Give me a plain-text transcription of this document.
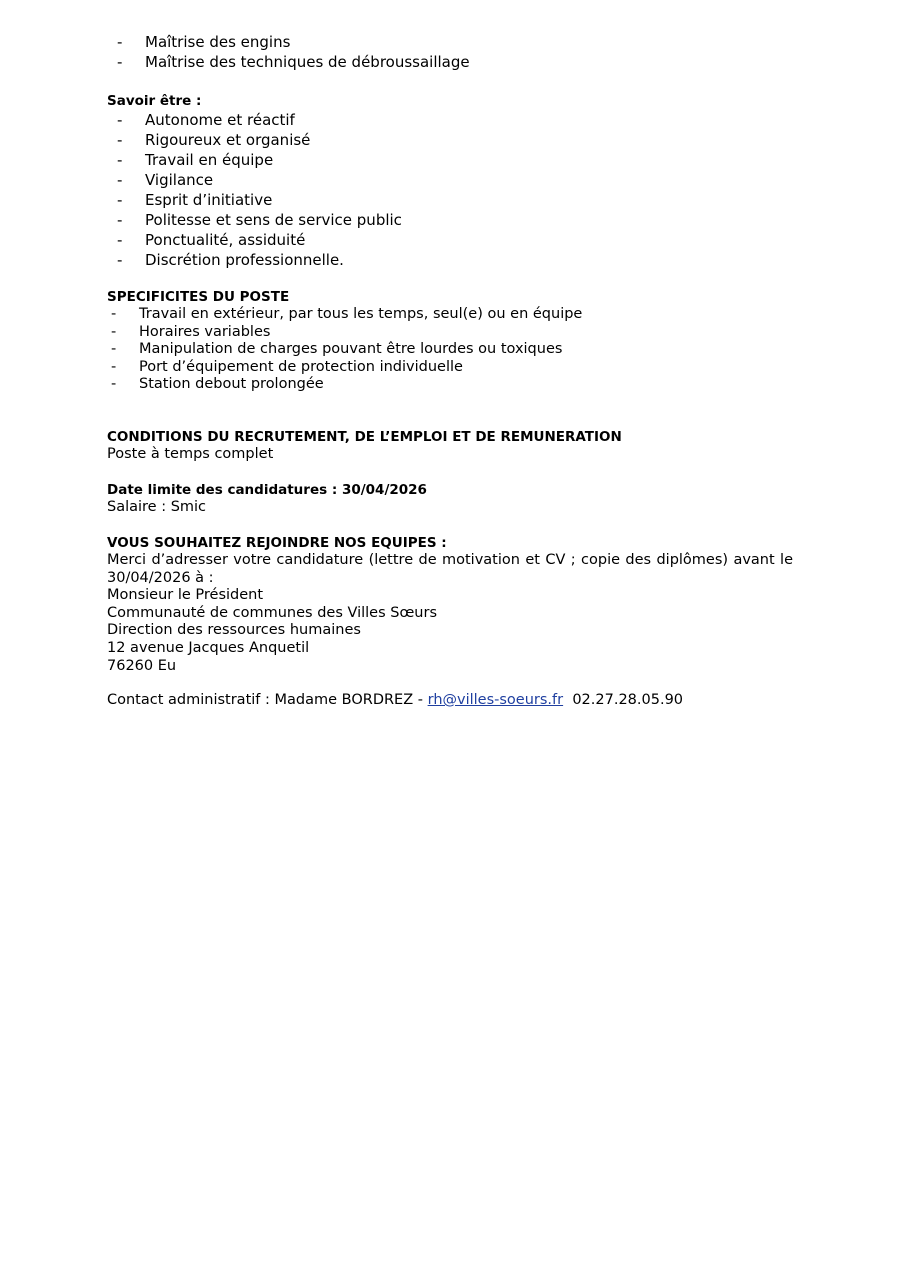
- Maîtrise des engins
- Maîtrise des techniques de débroussaillage
Savoir être :
- Autonome et réactif
- Rigoureux et organisé
- Travail en équipe
- Vigilance
- Esprit d’initiative
- Politesse et sens de service public
- Ponctualité, assiduité
- Discrétion professionnelle.
SPECIFICITES DU POSTE
- Travail en extérieur, par tous les temps, seul(e) ou en équipe
- Horaires variables
- Manipulation de charges pouvant être lourdes ou toxiques
- Port d’équipement de protection individuelle
- Station debout prolongée
CONDITIONS DU RECRUTEMENT, DE L’EMPLOI ET DE REMUNERATION
Poste à temps complet
Date limite des candidatures : 30/04/2026
Salaire : Smic
VOUS SOUHAITEZ REJOINDRE NOS EQUIPES :
Merci d’adresser votre candidature (lettre de motivation et CV ; copie des diplômes) avant le 30/04/2026 à :
Monsieur le Président
Communauté de communes des Villes Sœurs
Direction des ressources humaines
12 avenue Jacques Anquetil
76260 Eu
Contact administratif : Madame BORDREZ - rh@villes-soeurs.fr 02.27.28.05.90
